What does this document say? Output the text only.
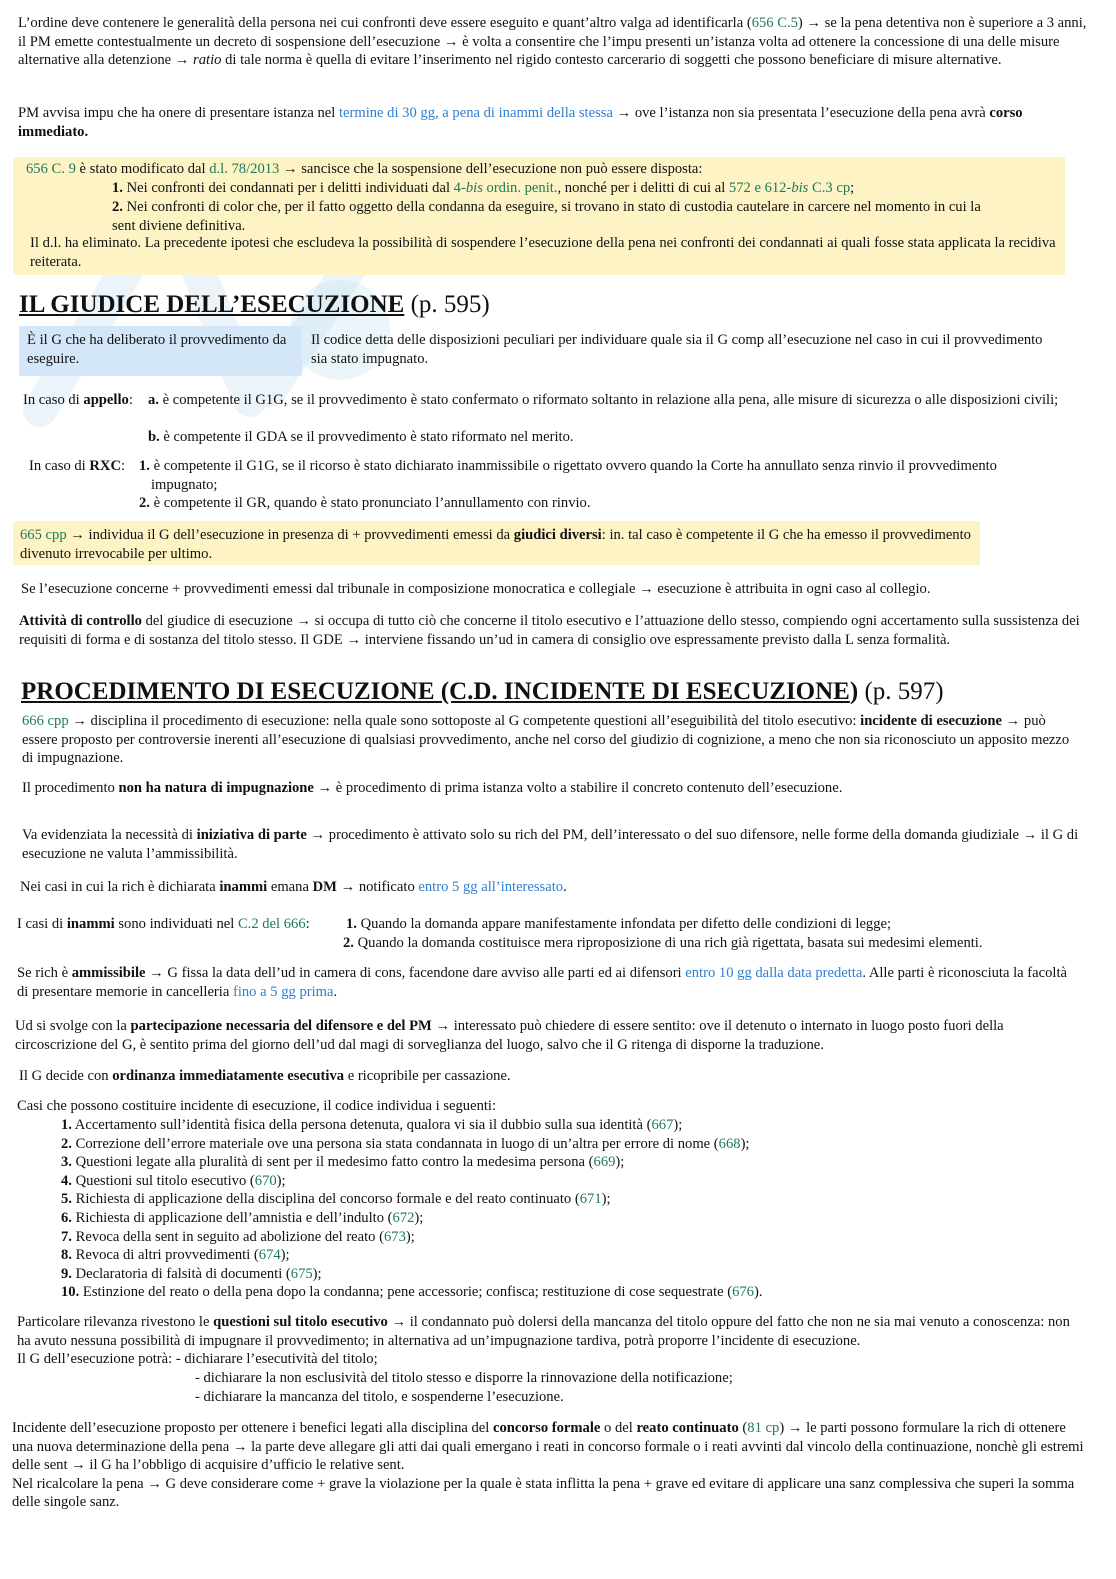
L’ordine deve contenere le generalità della persona nei cui confronti deve essere eseguito e quant’altro valga ad identificarla (656 C.5) → se la pena detentiva non è superiore a 3 anni, il PM emette contestualmente un decreto di sospensione dell’esecuzione → è volta a consentire che l’impu presenti un’istanza volta ad ottenere la concessione di una delle misure alternative alla detenzione → ratio di tale norma è quella di evitare l’inserimento nel rigido contesto carcerario di soggetti che possono beneficiare di misure alternative.
PM avvisa impu che ha onere di presentare istanza nel termine di 30 gg, a pena di inammi della stessa → ove l’istanza non sia presentata l’esecuzione della pena avrà corso immediato.
656 C. 9 è stato modificato dal d.l. 78/2013 → sancisce che la sospensione dell’esecuzione non può essere disposta:
1. Nei confronti dei condannati per i delitti individuati dal 4-bis ordin. penit., nonché per i delitti di cui al 572 e 612-bis C.3 cp;
2. Nei confronti di color che, per il fatto oggetto della condanna da eseguire, si trovano in stato di custodia cautelare in carcere nel momento in cui la sent diviene definitiva.
Il d.l. ha eliminato. La precedente ipotesi che escludeva la possibilità di sospendere l’esecuzione della pena nei confronti dei condannati ai quali fosse stata applicata la recidiva reiterata.
IL GIUDICE DELL’ESECUZIONE (p. 595)
È il G che ha deliberato il provvedimento da eseguire.
Il codice detta delle disposizioni peculiari per individuare quale sia il G comp all’esecuzione nel caso in cui il provvedimento sia stato impugnato.
In caso di appello: a. è competente il G1G, se il provvedimento è stato confermato o riformato soltanto in relazione alla pena, alle misure di sicurezza o alle disposizioni civili;
b. è competente il GDA se il provvedimento è stato riformato nel merito.
In caso di RXC: 1. è competente il G1G, se il ricorso è stato dichiarato inammissibile o rigettato ovvero quando la Corte ha annullato senza rinvio il provvedimento impugnato;
2. è competente il GR, quando è stato pronunciato l’annullamento con rinvio.
665 cpp → individua il G dell’esecuzione in presenza di + provvedimenti emessi da giudici diversi: in. tal caso è competente il G che ha emesso il provvedimento divenuto irrevocabile per ultimo.
Se l’esecuzione concerne + provvedimenti emessi dal tribunale in composizione monocratica e collegiale → esecuzione è attribuita in ogni caso al collegio.
Attività di controllo del giudice di esecuzione → si occupa di tutto ciò che concerne il titolo esecutivo e l’attuazione dello stesso, compiendo ogni accertamento sulla sussistenza dei requisiti di forma e di sostanza del titolo stesso. Il GDE → interviene fissando un’ud in camera di consiglio ove espressamente previsto dalla L senza formalità.
PROCEDIMENTO DI ESECUZIONE (C.D. INCIDENTE DI ESECUZIONE) (p. 597)
666 cpp → disciplina il procedimento di esecuzione: nella quale sono sottoposte al G competente questioni all’eseguibilità del titolo esecutivo: incidente di esecuzione → può essere proposto per controversie inerenti all’esecuzione di qualsiasi provvedimento, anche nel corso del giudizio di cognizione, a meno che non sia riconosciuto un apposito mezzo di impugnazione.
Il procedimento non ha natura di impugnazione → è procedimento di prima istanza volto a stabilire il concreto contenuto dell’esecuzione.
Va evidenziata la necessità di iniziativa di parte → procedimento è attivato solo su rich del PM, dell’interessato o del suo difensore, nelle forme della domanda giudiziale → il G di esecuzione ne valuta l’ammissibilità.
Nei casi in cui la rich è dichiarata inammi emana DM → notificato entro 5 gg all’interessato.
I casi di inammi sono individuati nel C.2 del 666: 1. Quando la domanda appare manifestamente infondata per difetto delle condizioni di legge;
2. Quando la domanda costituisce mera riproposizione di una rich già rigettata, basata sui medesimi elementi.
Se rich è ammissibile → G fissa la data dell’ud in camera di cons, facendone dare avviso alle parti ed ai difensori entro 10 gg dalla data predetta. Alle parti è riconosciuta la facoltà di presentare memorie in cancelleria fino a 5 gg prima.
Ud si svolge con la partecipazione necessaria del difensore e del PM → interessato può chiedere di essere sentito: ove il detenuto o internato in luogo posto fuori della circoscrizione del G, è sentito prima del giorno dell’ud dal magi di sorveglianza del luogo, salvo che il G ritenga di disporne la traduzione.
Il G decide con ordinanza immediatamente esecutiva e ricopribile per cassazione.
Casi che possono costituire incidente di esecuzione, il codice individua i seguenti:
1. Accertamento sull’identità fisica della persona detenuta, qualora vi sia il dubbio sulla sua identità (667);
2. Correzione dell’errore materiale ove una persona sia stata condannata in luogo di un’altra per errore di nome (668);
3. Questioni legate alla pluralità di sent per il medesimo fatto contro la medesima persona (669);
4. Questioni sul titolo esecutivo (670);
5. Richiesta di applicazione della disciplina del concorso formale e del reato continuato (671);
6. Richiesta di applicazione dell’amnistia e dell’indulto (672);
7. Revoca della sent in seguito ad abolizione del reato (673);
8. Revoca di altri provvedimenti (674);
9. Declaratoria di falsità di documenti (675);
10. Estinzione del reato o della pena dopo la condanna; pene accessorie; confisca; restituzione di cose sequestrate (676).
Particolare rilevanza rivestono le questioni sul titolo esecutivo → il condannato può dolersi della mancanza del titolo oppure del fatto che non ne sia mai venuto a conoscenza: non ha avuto nessuna possibilità di impugnare il provvedimento; in alternativa ad un’impugnazione tardiva, potrà proporre l’incidente di esecuzione.
Il G dell’esecuzione potrà: - dichiarare l’esecutività del titolo;
- dichiarare la non esclusività del titolo stesso e disporre la rinnovazione della notificazione;
- dichiarare la mancanza del titolo, e sospenderne l’esecuzione.
Incidente dell’esecuzione proposto per ottenere i benefici legati alla disciplina del concorso formale o del reato continuato (81 cp) → le parti possono formulare la rich di ottenere una nuova determinazione della pena → la parte deve allegare gli atti dai quali emergano i reati in concorso formale o i reati avvinti dal vincolo della continuazione, nonchè gli estremi delle sent → il G ha l’obbligo di acquisire d’ufficio le relative sent.
Nel ricalcolare la pena → G deve considerare come + grave la violazione per la quale è stata inflitta la pena + grave ed evitare di applicare una sanz complessiva che superi la somma delle singole sanz.
